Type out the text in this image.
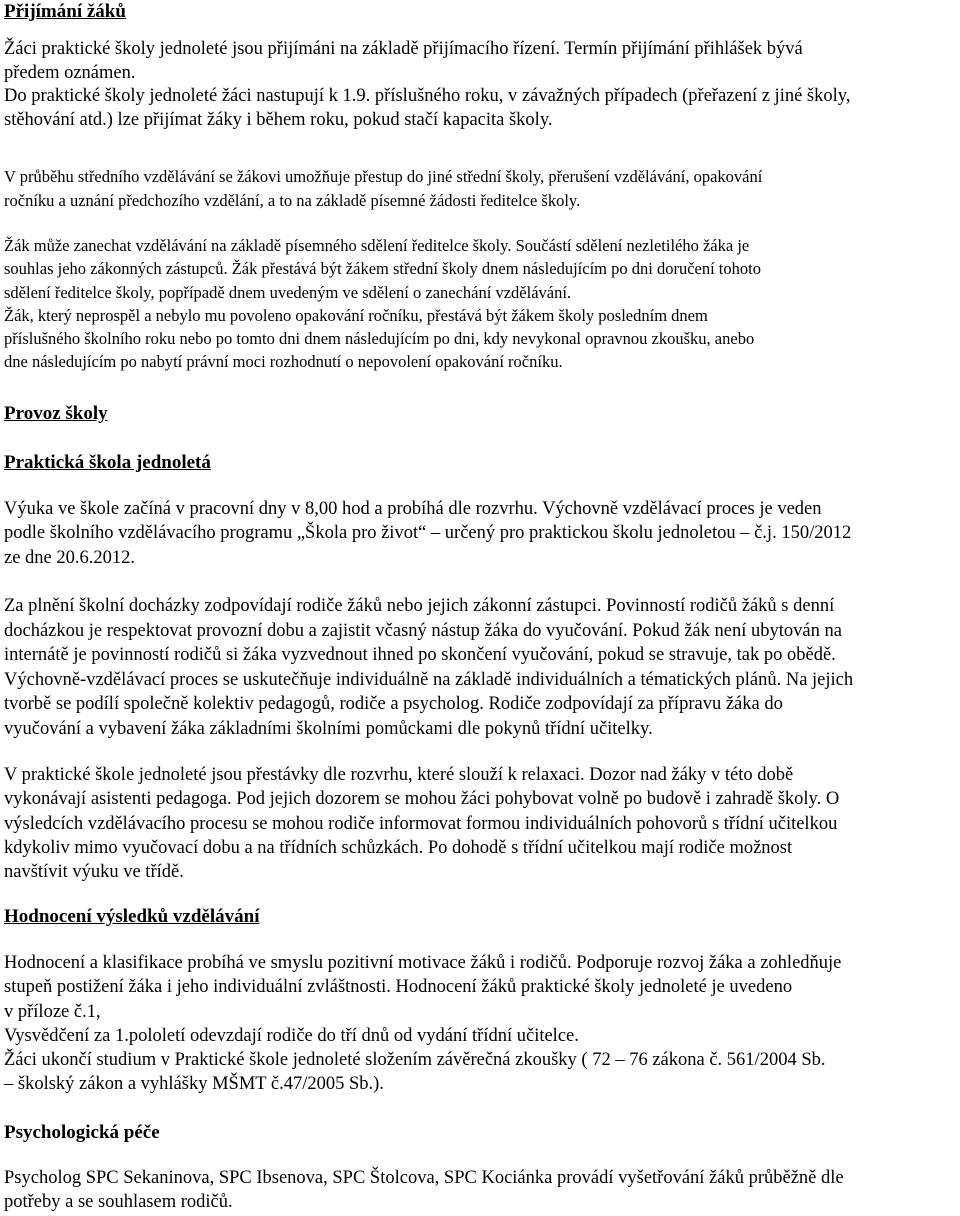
Přijímání žáků
Žáci praktické školy jednoleté jsou přijímáni na základě přijímacího řízení. Termín přijímání přihlášek bývá
předem oznámen.
Do praktické školy jednoleté žáci nastupují k 1.9. příslušného roku, v závažných případech (přeřazení z jiné školy,
stěhování atd.) lze přijímat žáky i během roku, pokud stačí kapacita školy.
V průběhu středního vzdělávání se žákovi umožňuje přestup do jiné střední školy, přerušení vzdělávání, opakování
ročníku a uznání předchozího vzdělání, a to na základě písemné žádosti ředitelce školy.
Žák může zanechat vzdělávání na základě písemného sdělení ředitelce školy. Součástí sdělení nezletilého žáka je
souhlas jeho zákonných zástupců. Žák přestává být žákem střední školy dnem následujícím po dni doručení tohoto
sdělení ředitelce školy, popřípadě dnem uvedeným ve sdělení o zanechání vzdělávání.
Žák, který neprospěl a nebylo mu povoleno opakování ročníku, přestává být žákem školy posledním dnem
příslušného školního roku nebo po tomto dni dnem následujícím po dni, kdy nevykonal opravnou zkoušku, anebo
dne následujícím po nabytí právní moci rozhodnutí o nepovolení opakování ročníku.
Provoz školy
Praktická škola jednoletá
Výuka ve škole začíná v pracovní dny v 8,00 hod a probíhá dle rozvrhu. Výchovně vzdělávací proces je veden
podle školního vzdělávacího programu „Škola pro život“ – určený pro praktickou školu jednoletou – č.j. 150/2012
ze dne 20.6.2012.
Za plnění školní docházky zodpovídají rodiče žáků nebo jejich zákonní zástupci. Povinností rodičů žáků s denní
docházkou je respektovat provozní dobu a zajistit včasný nástup žáka do vyučování. Pokud žák není ubytován na
internátě je povinností rodičů si žáka vyzvednout ihned po skončení vyučování, pokud se stravuje, tak po obědě.
Výchovně-vzdělávací proces se uskutečňuje individuálně na základě individuálních a tématických plánů. Na jejich
tvorbě se podílí společně kolektiv pedagogů, rodiče a psycholog. Rodiče zodpovídají za přípravu žáka do
vyučování a vybavení žáka základními školními pomůckami dle pokynů třídní učitelky.
V praktické škole jednoleté jsou přestávky dle rozvrhu, které slouží k relaxaci. Dozor nad žáky v této době
vykonávají asistenti pedagoga. Pod jejich dozorem se mohou žáci pohybovat volně po budově i zahradě školy. O
výsledcích vzdělávacího procesu se mohou rodiče informovat formou individuálních pohovorů s třídní učitelkou
kdykoliv mimo vyučovací dobu a na třídních schůzkách. Po dohodě s třídní učitelkou mají rodiče možnost
navštívit výuku ve třídě.
Hodnocení výsledků vzdělávání
Hodnocení a klasifikace probíhá ve smyslu pozitivní motivace žáků i rodičů. Podporuje rozvoj žáka a zohledňuje
stupeň postižení žáka i jeho individuální zvláštnosti. Hodnocení žáků praktické školy jednoleté je uvedeno
v příloze č.1,
Vysvědčení za 1.pololetí odevzdají rodiče do tří dnů od vydání třídní učitelce.
Žáci ukončí studium v Praktické škole jednoleté složením závěrečná zkoušky ( 72 – 76 zákona č. 561/2004 Sb.
– školský zákon a vyhlášky MŠMT č.47/2005 Sb.).
Psychologická péče
Psycholog SPC Sekaninova, SPC Ibsenova, SPC Štolcova, SPC Kociánka provádí vyšetřování žáků průběžně dle
potřeby a se souhlasem rodičů.
